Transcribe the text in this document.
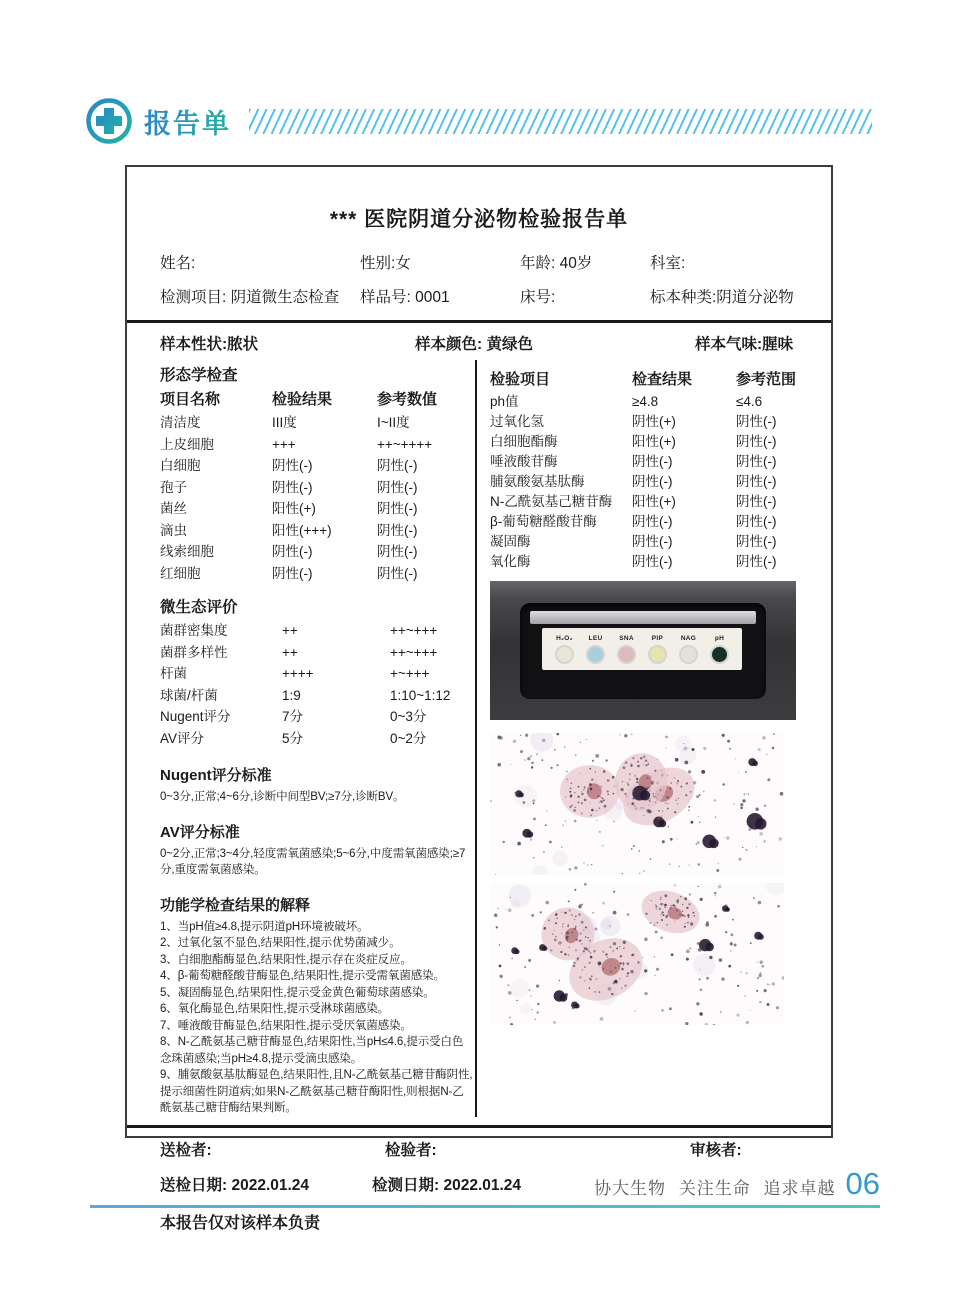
报告单
*** 医院阴道分泌物检验报告单
姓名:	性别:女	年龄: 40岁	科室:
检测项目: 阴道微生态检查	样品号: 0001	床号:	标本种类:阴道分泌物
样本性状:脓状	样本颜色: 黄绿色	样本气味:腥味
形态学检查
项目名称	检验结果	参考数值
清洁度	III度	I~II度
上皮细胞	+++	++~++++
白细胞	阴性(-)	阴性(-)
孢子	阴性(-)	阴性(-)
菌丝	阳性(+)	阴性(-)
滴虫	阳性(+++)	阴性(-)
线索细胞	阴性(-)	阴性(-)
红细胞	阴性(-)	阴性(-)
微生态评价
菌群密集度	++	++~+++
菌群多样性	++	++~+++
杆菌	++++	+~+++
球菌/杆菌	1:9	1:10~1:12
Nugent评分	7分	0~3分
AV评分	5分	0~2分
Nugent评分标准

0~3分,正常;4~6分,诊断中间型BV;≥7分,诊断BV。

AV评分标准

0~2分,正常;3~4分,轻度需氧菌感染;5~6分,中度需氧菌感染;≥7分,重度需氧菌感染。

功能学检查结果的解释
1、当pH值≥4.8,提示阴道pH环境被破坏。
2、过氧化氢不显色,结果阳性,提示优势菌减少。
3、白细胞酯酶显色,结果阳性,提示存在炎症反应。
4、β-葡萄糖醛酸苷酶显色,结果阳性,提示受需氧菌感染。
5、凝固酶显色,结果阳性,提示受金黄色葡萄球菌感染。
6、氧化酶显色,结果阳性,提示受淋球菌感染。
7、唾液酸苷酶显色,结果阳性,提示受厌氧菌感染。
8、N-乙酰氨基己糖苷酶显色,结果阳性,当pH≤4.6,提示受白色念珠菌感染;当pH≥4.8,提示受滴虫感染。
9、脯氨酸氨基肽酶显色,结果阳性,且N-乙酰氨基己糖苷酶阴性,提示细菌性阴道病;如果N-乙酰氨基己糖苷酶阳性,则根据N-乙酰氨基己糖苷酶结果判断。
检验项目	检查结果	参考范围
ph值	≥4.8	≤4.6
过氧化氢	阴性(+)	阴性(-)
白细胞酯酶	阳性(+)	阴性(-)
唾液酸苷酶	阴性(-)	阴性(-)
脯氨酸氨基肽酶	阴性(-)	阴性(-)
N-乙酰氨基己糖苷酶	阳性(+)	阴性(-)
β-葡萄糖醛酸苷酶	阴性(-)	阴性(-)
凝固酶	阴性(-)	阴性(-)
氧化酶	阴性(-)	阴性(-)
H₂O₂ LEU	SNA	PIP	NAG	pH
送检者:	检验者:	审核者:
送检日期: 2022.01.24	检测日期: 2022.01.24
本报告仅对该样本负责
协大生物 关注生命 追求卓越 06
